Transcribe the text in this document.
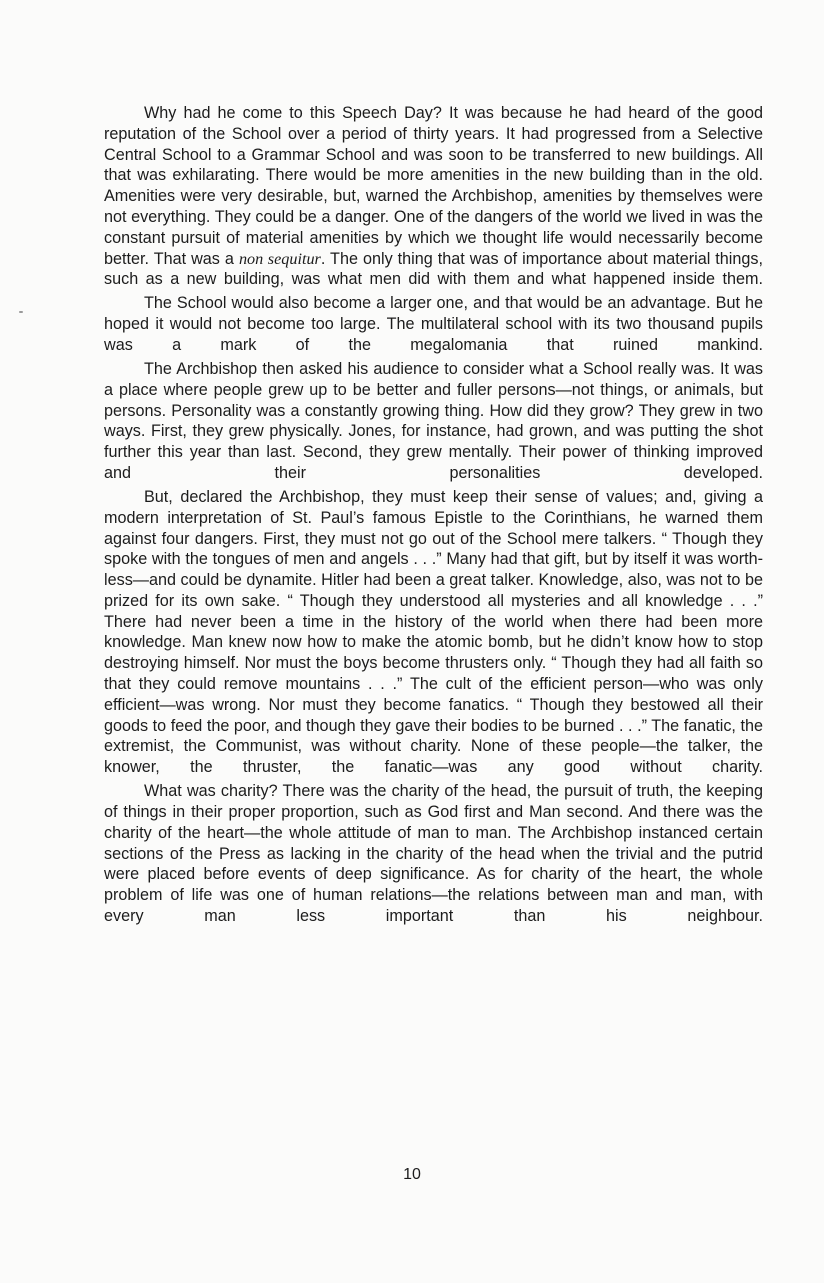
Why had he come to this Speech Day? It was because he had heard of the good reputation of the School over a period of thirty years. It had progressed from a Selective Central School to a Grammar School and was soon to be transferred to new buildings. All that was exhilarating. There would be more amenities in the new building than in the old. Amenities were very desirable, but, warned the Archbishop, amenities by themselves were not everything. They could be a danger. One of the dangers of the world we lived in was the constant pursuit of material amenities by which we thought life would necessarily become better. That was a non sequitur. The only thing that was of importance about material things, such as a new building, was what men did with them and what happened inside them.

The School would also become a larger one, and that would be an advantage. But he hoped it would not become too large. The multilateral school with its two thousand pupils was a mark of the megalomania that ruined mankind.

The Archbishop then asked his audience to consider what a School really was. It was a place where people grew up to be better and fuller persons—not things, or animals, but persons. Personality was a constantly growing thing. How did they grow? They grew in two ways. First, they grew physically. Jones, for instance, had grown, and was putting the shot further this year than last. Second, they grew mentally. Their power of thinking improved and their personalities developed.

But, declared the Archbishop, they must keep their sense of values; and, giving a modern interpretation of St. Paul’s famous Epistle to the Corinthians, he warned them against four dangers. First, they must not go out of the School mere talkers. “ Though they spoke with the tongues of men and angels . . .” Many had that gift, but by itself it was worth-less—and could be dynamite. Hitler had been a great talker. Knowledge, also, was not to be prized for its own sake. “ Though they understood all mysteries and all knowledge . . .” There had never been a time in the history of the world when there had been more knowledge. Man knew now how to make the atomic bomb, but he didn’t know how to stop destroying himself. Nor must the boys become thrusters only. “ Though they had all faith so that they could remove mountains . . .” The cult of the efficient person—who was only efficient—was wrong. Nor must they become fanatics. “ Though they bestowed all their goods to feed the poor, and though they gave their bodies to be burned . . .” The fanatic, the extremist, the Communist, was without charity. None of these people—the talker, the knower, the thruster, the fanatic—was any good without charity.

What was charity? There was the charity of the head, the pursuit of truth, the keeping of things in their proper proportion, such as God first and Man second. And there was the charity of the heart—the whole attitude of man to man. The Archbishop instanced certain sections of the Press as lacking in the charity of the head when the trivial and the putrid were placed before events of deep significance. As for charity of the heart, the whole problem of life was one of human relations—the relations between man and man, with every man less important than his neighbour.

10
